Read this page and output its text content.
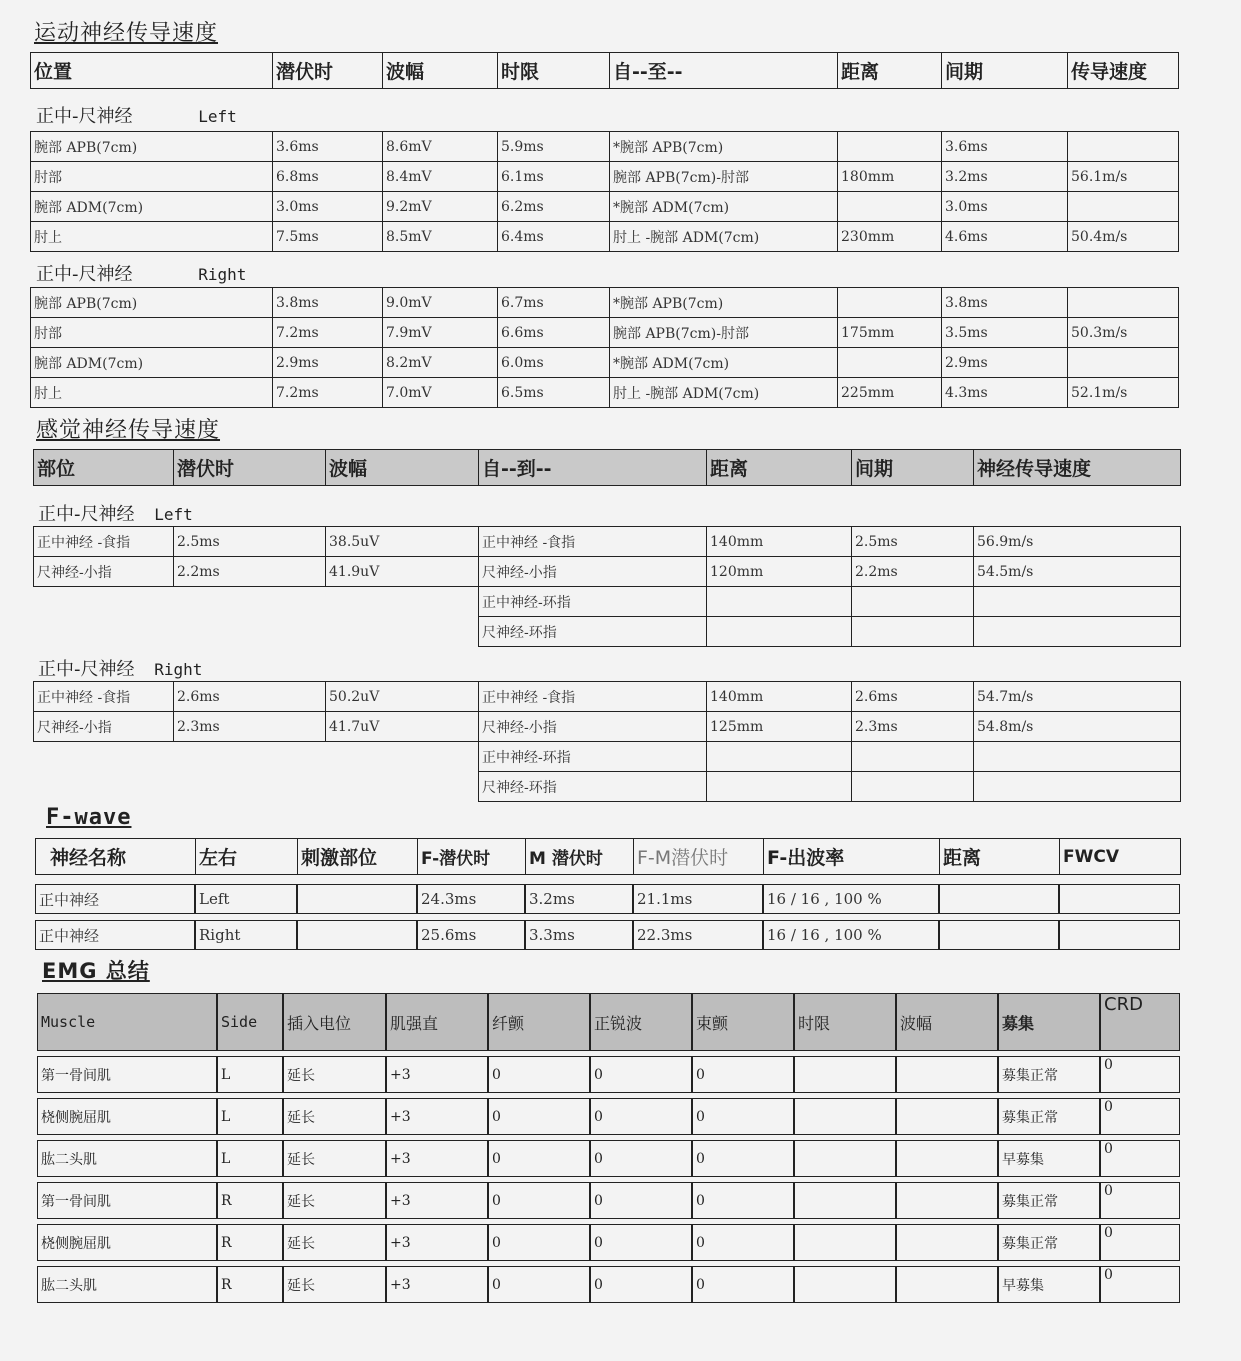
运动神经传导速度
位置	潜伏时	波幅	时限	自--至--	距离	间期	传导速度
正中-尺神经	Left
腕部 APB(7cm)	3.6ms	8.6mV	5.9ms	*腕部 APB(7cm)		3.6ms	
肘部	6.8ms	8.4mV	6.1ms	腕部 APB(7cm)-肘部	180mm	3.2ms	56.1m/s
腕部 ADM(7cm)	3.0ms	9.2mV	6.2ms	*腕部 ADM(7cm)		3.0ms	
肘上	7.5ms	8.5mV	6.4ms	肘上 -腕部 ADM(7cm)	230mm	4.6ms	50.4m/s
正中-尺神经	Right
腕部 APB(7cm)	3.8ms	9.0mV	6.7ms	*腕部 APB(7cm)		3.8ms	
肘部	7.2ms	7.9mV	6.6ms	腕部 APB(7cm)-肘部	175mm	3.5ms	50.3m/s
腕部 ADM(7cm)	2.9ms	8.2mV	6.0ms	*腕部 ADM(7cm)		2.9ms	
肘上	7.2ms	7.0mV	6.5ms	肘上 -腕部 ADM(7cm)	225mm	4.3ms	52.1m/s
感觉神经传导速度
部位	潜伏时	波幅	自--到--	距离	间期	神经传导速度
正中-尺神经 Left
正中神经 -食指	2.5ms	38.5uV	正中神经 -食指	140mm	2.5ms	56.9m/s
尺神经-小指	2.2ms	41.9uV	尺神经-小指	120mm	2.2ms	54.5m/s
			正中神经-环指			
			尺神经-环指			
正中-尺神经 Right
正中神经 -食指	2.6ms	50.2uV	正中神经 -食指	140mm	2.6ms	54.7m/s
尺神经-小指	2.3ms	41.7uV	尺神经-小指	125mm	2.3ms	54.8m/s
			正中神经-环指			
			尺神经-环指			
F-wave
神经名称	左右	刺激部位	F-潜伏时	M 潜伏时	F-M潜伏时	F-出波率	距离	FWCV
正中神经	Left		24.3ms	3.2ms	21.1ms	16 / 16 , 100 %		
正中神经	Right		25.6ms	3.3ms	22.3ms	16 / 16 , 100 %		
EMG 总结
Muscle	Side	插入电位	肌强直	纤颤	正锐波	束颤	时限	波幅	募集	CRD
第一骨间肌	L	延长	+3	0	0	0			募集正常	0
桡侧腕屈肌	L	延长	+3	0	0	0			募集正常	0
肱二头肌	L	延长	+3	0	0	0			早募集	0
第一骨间肌	R	延长	+3	0	0	0			募集正常	0
桡侧腕屈肌	R	延长	+3	0	0	0			募集正常	0
肱二头肌	R	延长	+3	0	0	0			早募集	0
